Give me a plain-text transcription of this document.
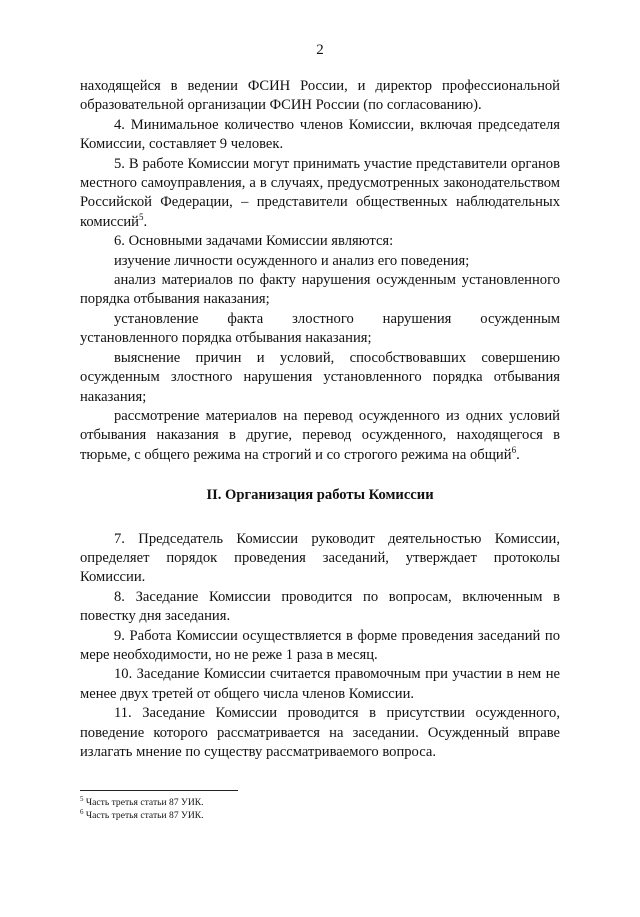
2

находящейся в ведении ФСИН России, и директор профессиональной образовательной организации ФСИН России (по согласованию).

4. Минимальное количество членов Комиссии, включая председателя Комиссии, составляет 9 человек.

5. В работе Комиссии могут принимать участие представители органов местного самоуправления, а в случаях, предусмотренных законодательством Российской Федерации, – представители общественных наблюдательных комиссий$^5$.

6. Основными задачами Комиссии являются:

изучение личности осужденного и анализ его поведения;

анализ материалов по факту нарушения осужденным установленного порядка отбывания наказания;

установление факта злостного нарушения осужденным установленного порядка отбывания наказания;

выяснение причин и условий, способствовавших совершению осужденным злостного нарушения установленного порядка отбывания наказания;

рассмотрение материалов на перевод осужденного из одних условий отбывания наказания в другие, перевод осужденного, находящегося в тюрьме, с общего режима на строгий и со строгого режима на общий$^6$.

II. Организация работы Комиссии

7. Председатель Комиссии руководит деятельностью Комиссии, определяет порядок проведения заседаний, утверждает протоколы Комиссии.

8. Заседание Комиссии проводится по вопросам, включенным в повестку дня заседания.

9. Работа Комиссии осуществляется в форме проведения заседаний по мере необходимости, но не реже 1 раза в месяц.

10. Заседание Комиссии считается правомочным при участии в нем не менее двух третей от общего числа членов Комиссии.

11. Заседание Комиссии проводится в присутствии осужденного, поведение которого рассматривается на заседании. Осужденный вправе излагать мнение по существу рассматриваемого вопроса.

$^5$ Часть третья статьи 87 УИК.
$^6$ Часть третья статьи 87 УИК.
